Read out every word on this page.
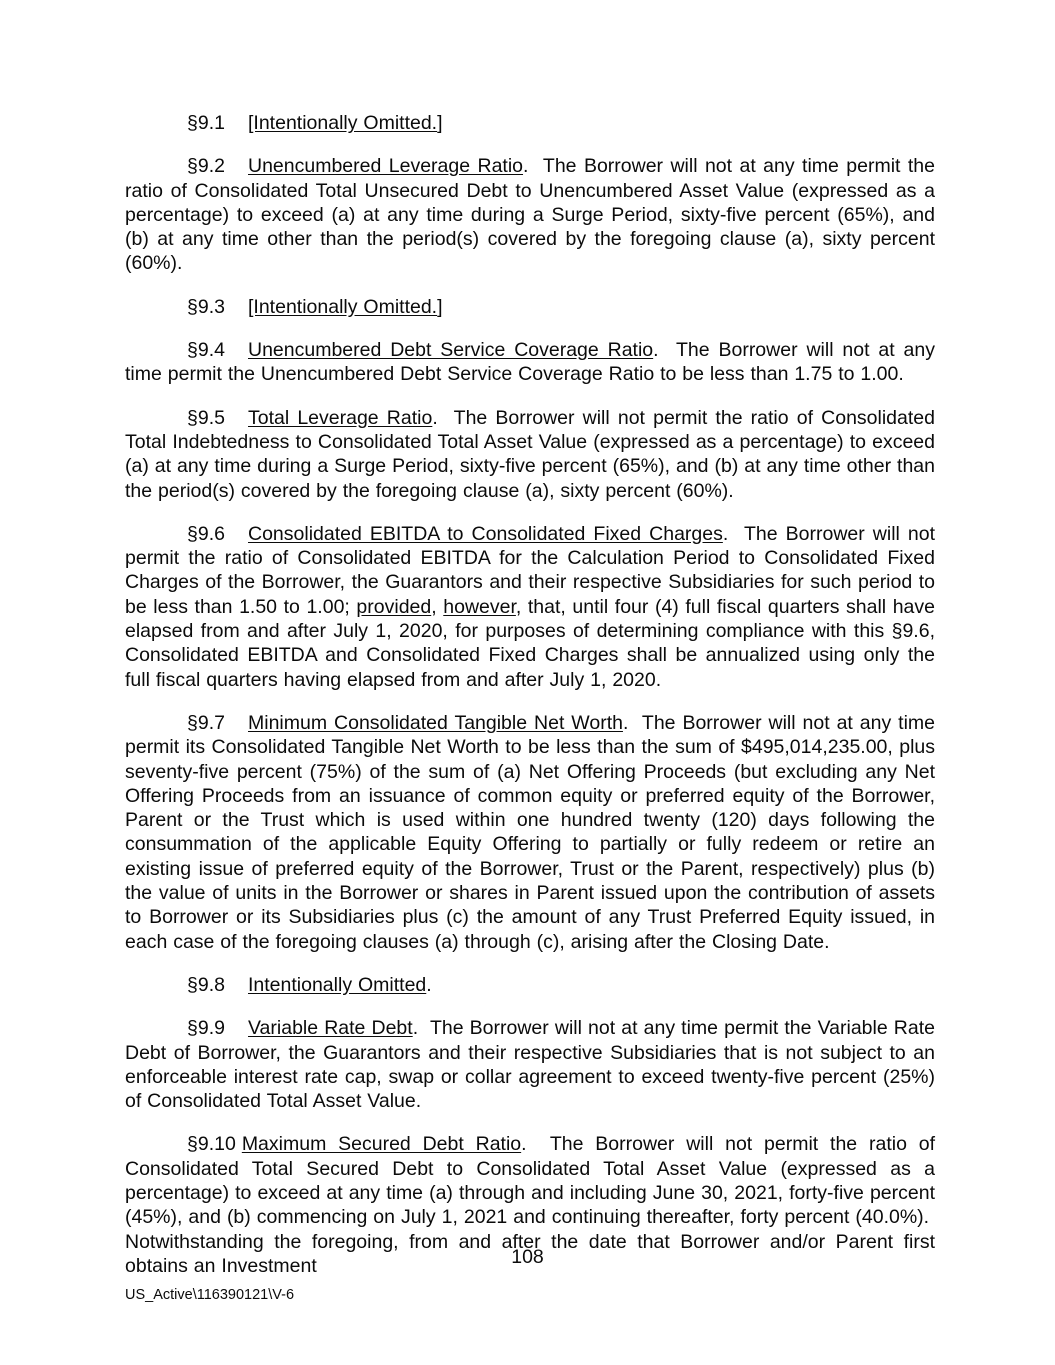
§9.1 [Intentionally Omitted.]

§9.2 Unencumbered Leverage Ratio.  The Borrower will not at any time permit the ratio of Consolidated Total Unsecured Debt to Unencumbered Asset Value (expressed as a percentage) to exceed (a) at any time during a Surge Period, sixty-five percent (65%), and (b) at any time other than the period(s) covered by the foregoing clause (a), sixty percent (60%).

§9.3 [Intentionally Omitted.]

§9.4 Unencumbered Debt Service Coverage Ratio.  The Borrower will not at any time permit the Unencumbered Debt Service Coverage Ratio to be less than 1.75 to 1.00.

§9.5 Total Leverage Ratio.  The Borrower will not permit the ratio of Consolidated Total Indebtedness to Consolidated Total Asset Value (expressed as a percentage) to exceed (a) at any time during a Surge Period, sixty-five percent (65%), and (b) at any time other than the period(s) covered by the foregoing clause (a), sixty percent (60%).

§9.6 Consolidated EBITDA to Consolidated Fixed Charges.  The Borrower will not permit the ratio of Consolidated EBITDA for the Calculation Period to Consolidated Fixed Charges of the Borrower, the Guarantors and their respective Subsidiaries for such period to be less than 1.50 to 1.00; provided, however, that, until four (4) full fiscal quarters shall have elapsed from and after July 1, 2020, for purposes of determining compliance with this §9.6, Consolidated EBITDA and Consolidated Fixed Charges shall be annualized using only the full fiscal quarters having elapsed from and after July 1, 2020.

§9.7 Minimum Consolidated Tangible Net Worth.  The Borrower will not at any time permit its Consolidated Tangible Net Worth to be less than the sum of $495,014,235.00, plus seventy-five percent (75%) of the sum of (a) Net Offering Proceeds (but excluding any Net Offering Proceeds from an issuance of common equity or preferred equity of the Borrower, Parent or the Trust which is used within one hundred twenty (120) days following the consummation of the applicable Equity Offering to partially or fully redeem or retire an existing issue of preferred equity of the Borrower, Trust or the Parent, respectively) plus (b) the value of units in the Borrower or shares in Parent issued upon the contribution of assets to Borrower or its Subsidiaries plus (c) the amount of any Trust Preferred Equity issued, in each case of the foregoing clauses (a) through (c), arising after the Closing Date.

§9.8 Intentionally Omitted.

§9.9 Variable Rate Debt.  The Borrower will not at any time permit the Variable Rate Debt of Borrower, the Guarantors and their respective Subsidiaries that is not subject to an enforceable interest rate cap, swap or collar agreement to exceed twenty-five percent (25%) of Consolidated Total Asset Value.

§9.10 Maximum Secured Debt Ratio.  The Borrower will not permit the ratio of Consolidated Total Secured Debt to Consolidated Total Asset Value (expressed as a percentage) to exceed at any time (a) through and including June 30, 2021, forty-five percent (45%), and (b) commencing on July 1, 2021 and continuing thereafter, forty percent (40.0%).  Notwithstanding the foregoing, from and after the date that Borrower and/or Parent first obtains an Investment	108
US_Active\116390121\V-6
